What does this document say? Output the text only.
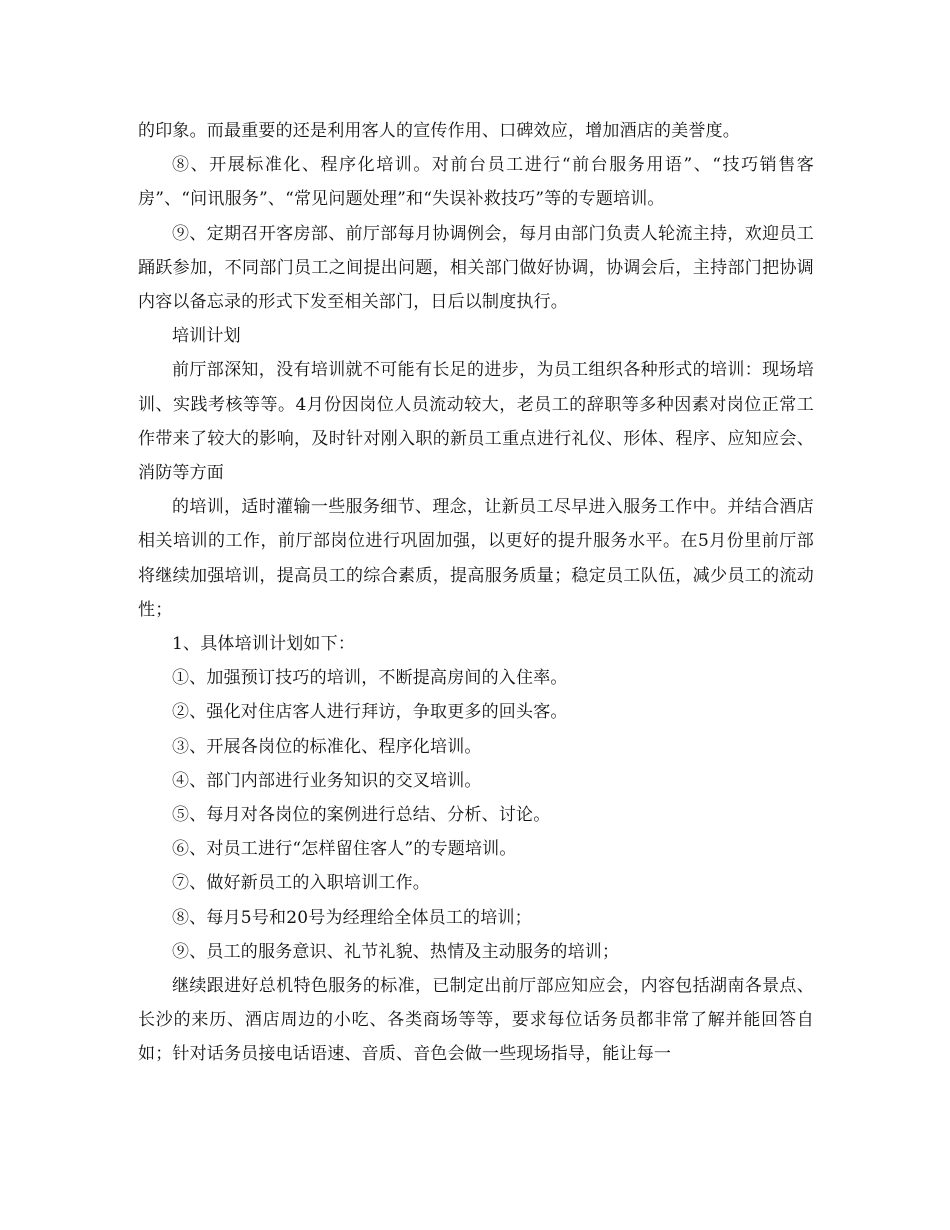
的印象。而最重要的还是利用客人的宣传作用、口碑效应，增加酒店的美誉度。

⑧、开展标准化、程序化培训。对前台员工进行“前台服务用语”、“技巧销售客房”、“问讯服务”、“常见问题处理”和“失误补救技巧”等的专题培训。

⑨、定期召开客房部、前厅部每月协调例会，每月由部门负责人轮流主持，欢迎员工踊跃参加，不同部门员工之间提出问题，相关部门做好协调，协调会后，主持部门把协调内容以备忘录的形式下发至相关部门，日后以制度执行。

培训计划

前厅部深知，没有培训就不可能有长足的进步，为员工组织各种形式的培训：现场培训、实践考核等等。4月份因岗位人员流动较大，老员工的辞职等多种因素对岗位正常工作带来了较大的影响，及时针对刚入职的新员工重点进行礼仪、形体、程序、应知应会、消防等方面

的培训，适时灌输一些服务细节、理念，让新员工尽早进入服务工作中。并结合酒店相关培训的工作，前厅部岗位进行巩固加强，以更好的提升服务水平。在5月份里前厅部将继续加强培训，提高员工的综合素质，提高服务质量；稳定员工队伍，减少员工的流动性；

1、具体培训计划如下：

①、加强预订技巧的培训，不断提高房间的入住率。

②、强化对住店客人进行拜访，争取更多的回头客。

③、开展各岗位的标准化、程序化培训。

④、部门内部进行业务知识的交叉培训。

⑤、每月对各岗位的案例进行总结、分析、讨论。

⑥、对员工进行“怎样留住客人”的专题培训。

⑦、做好新员工的入职培训工作。

⑧、每月5号和20号为经理给全体员工的培训；

⑨、员工的服务意识、礼节礼貌、热情及主动服务的培训；

继续跟进好总机特色服务的标准，已制定出前厅部应知应会，内容包括湖南各景点、长沙的来历、酒店周边的小吃、各类商场等等，要求每位话务员都非常了解并能回答自如；针对话务员接电话语速、音质、音色会做一些现场指导，能让每一
